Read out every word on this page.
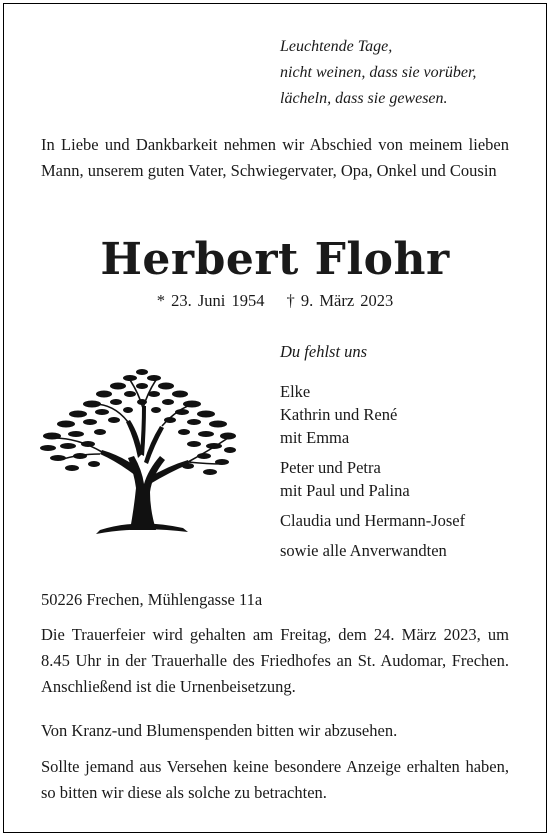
Leuchtende Tage,
nicht weinen, dass sie vorüber,
lächeln, dass sie gewesen.
In Liebe und Dankbarkeit nehmen wir Abschied von meinem lieben Mann, unserem guten Vater, Schwiegervater, Opa, Onkel und Cousin
Herbert Flohr
* 23. Juni 1954 † 9. März 2023
Du fehlst uns
Elke
Kathrin und René
mit Emma
Peter und Petra
mit Paul und Palina
Claudia und Hermann-Josef
sowie alle Anverwandten
50226 Frechen, Mühlengasse 11a
Die Trauerfeier wird gehalten am Freitag, dem 24. März 2023, um 8.45 Uhr in der Trauerhalle des Friedhofes an St. Audomar, Frechen. Anschließend ist die Urnenbeisetzung.
Von Kranz-und Blumenspenden bitten wir abzusehen.
Sollte jemand aus Versehen keine besondere Anzeige erhalten haben, so bitten wir diese als solche zu betrachten.
